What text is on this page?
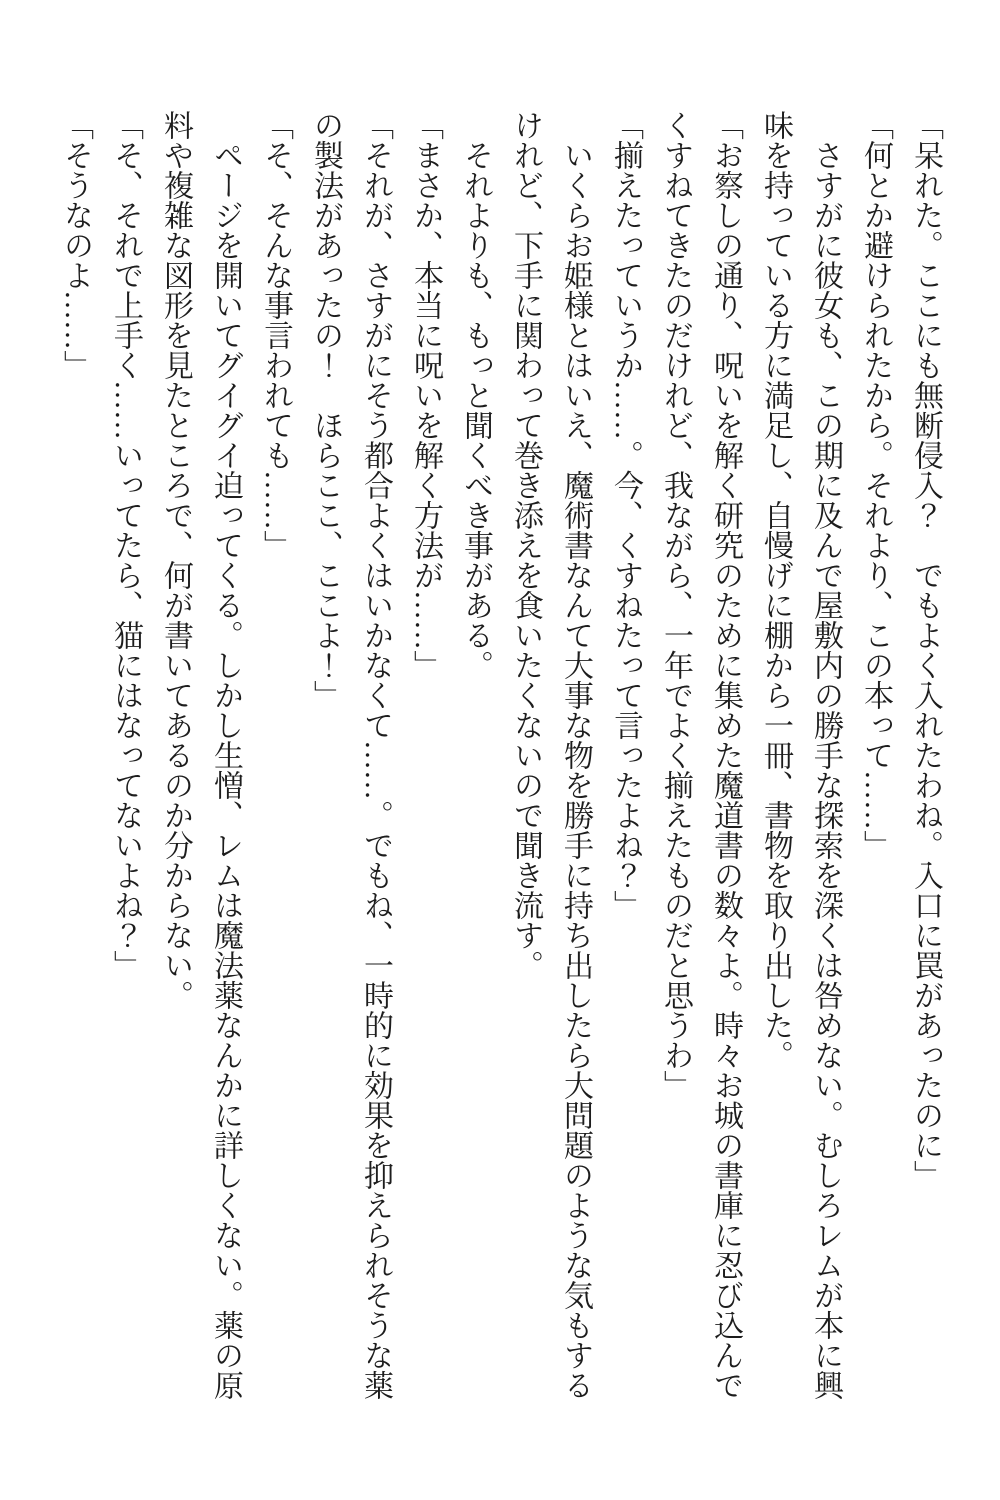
「呆れた。ここにも無断侵入？　でもよく入れたわね。入口に罠があったのに」

「何とか避けられたから。それより、この本って……」

さすがに彼女も、この期に及んで屋敷内の勝手な探索を深くは咎めない。むしろレムが本に興

味を持っている方に満足し、自慢げに棚から一冊、書物を取り出した。

「お察しの通り、呪いを解く研究のために集めた魔道書の数々よ。時々お城の書庫に忍び込んで

くすねてきたのだけれど、我ながら、一年でよく揃えたものだと思うわ」

「揃えたっていうか……。今、くすねたって言ったよね？」

いくらお姫様とはいえ、魔術書なんて大事な物を勝手に持ち出したら大問題のような気もする

けれど、下手に関わって巻き添えを食いたくないので聞き流す。

それよりも、もっと聞くべき事がある。

「まさか、本当に呪いを解く方法が……」

「それが、さすがにそう都合よくはいかなくて……。でもね、一時的に効果を抑えられそうな薬

の製法があったの！　ほらここ、ここよ！」

「そ、そんな事言われても……」

ページを開いてグイグイ迫ってくる。しかし生憎、レムは魔法薬なんかに詳しくない。薬の原

料や複雑な図形を見たところで、何が書いてあるのか分からない。

「そ、それで上手く……いってたら、猫にはなってないよね？」

「そうなのよ……」
